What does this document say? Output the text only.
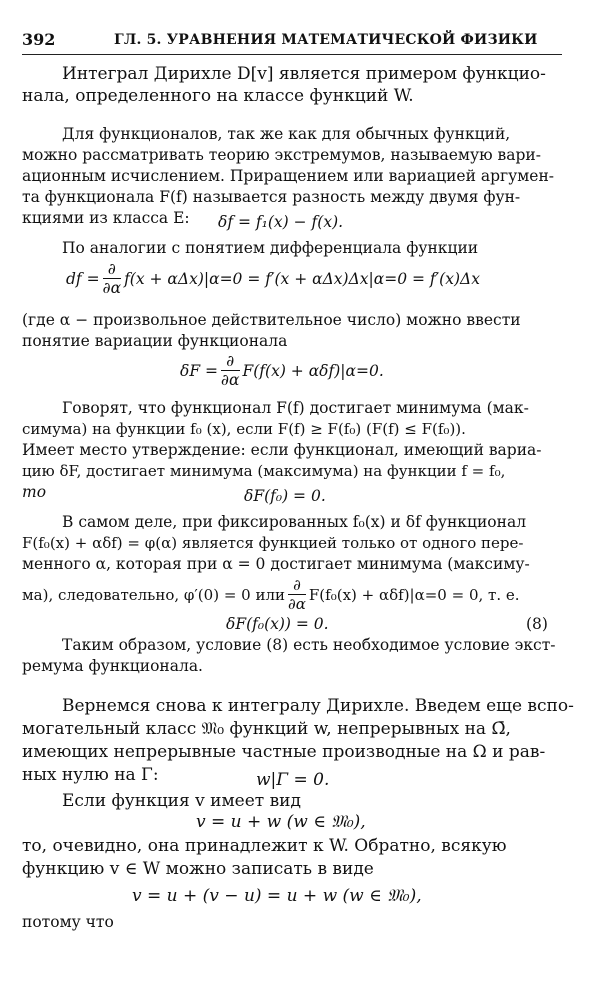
392	ГЛ. 5. УРАВНЕНИЯ МАТЕМАТИЧЕСКОЙ ФИЗИКИ
Интеграл Дирихле D[v] является примером функцио-
нала, определенного на классе функций W.
Для функционалов, так же как для обычных функций,
можно рассматривать теорию экстремумов, называемую вари-
ационным исчислением. Приращением или вариацией аргумен-
та функционала F(f) называется разность между двумя фун-
кциями из класса E: δf = f₁(x) − f(x).
По аналогии с понятием дифференциала функции
df = $\frac{\partial}{\partial\alpha} f(x + \alpha\Delta x)|\alpha=0 = f'(x + \alpha\Delta x)\Delta x|\alpha=0 = f'(x)\Delta x$
(где α − произвольное действительное число) можно ввести
понятие вариации функционала
$\delta F = \frac{\partial}{\partial\alpha} F(f(x) + \alpha\delta f)|\alpha=0$.
Говорят, что функционал F(f) достигает минимума (мак-
симума) на функции f₀ (x), если F(f) ≥ F(f₀) (F(f) ≤ F(f₀)).
Имеет место утверждение: если функционал, имеющий вариа-
цию δF, достигает минимума (максимума) на функции f = f₀,
то	δF(f₀) = 0.
В самом деле, при фиксированных f₀(x) и δf функционал
F(f₀(x) + αδf) = φ(α) является функцией только от одного пере-
менного α, которая при α = 0 достигает минимума (максиму-
ма), следовательно, φ′(0) = 0 или $\frac{\partial}{\partial\alpha} F(f_0(x) + \alpha\delta f)|\alpha=0 = 0$, т. е.
δF(f₀(x)) = 0.	(8)
Таким образом, условие (8) есть необходимое условие экст-
ремума функционала.
Вернемся снова к интегралу Дирихле. Введем еще вспо-
могательный класс 𝔐₀ функций w, непрерывных на Ω̄,
имеющих непрерывные частные производные на Ω и рав-
ных нулю на Γ:	w|Γ = 0.
Если функция v имеет вид
v = u + w (w ∈ 𝔐₀),
то, очевидно, она принадлежит к W. Обратно, всякую
функцию v ∈ W можно записать в виде
v = u + (v − u) = u + w (w ∈ 𝔐₀),
потому что
